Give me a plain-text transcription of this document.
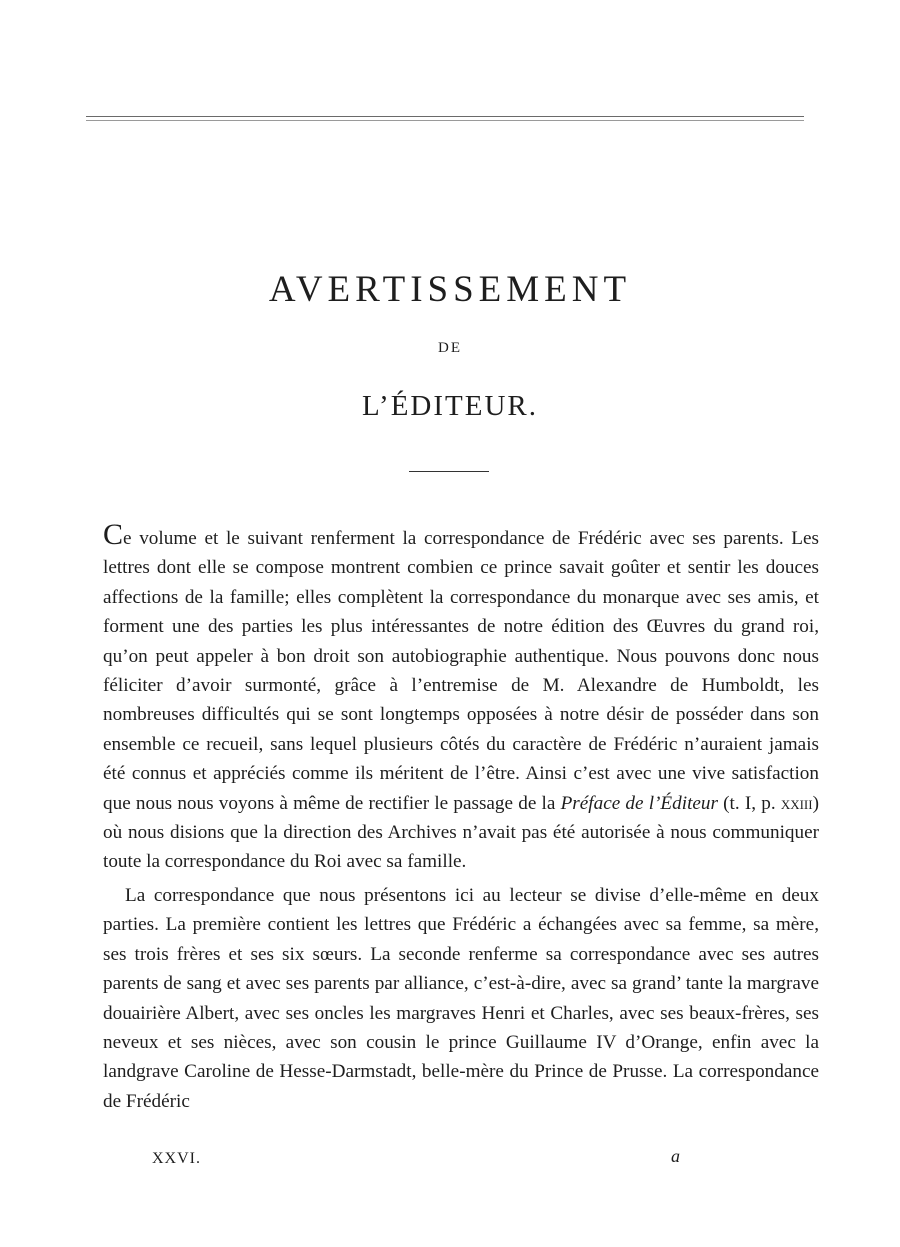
AVERTISSEMENT
DE
L’ÉDITEUR.

Ce volume et le suivant renferment la correspondance de Frédéric avec ses parents. Les lettres dont elle se compose montrent combien ce prince savait goûter et sentir les douces affections de la famille; elles complètent la correspondance du monarque avec ses amis, et forment une des parties les plus intéressantes de notre édition des Œuvres du grand roi, qu’on peut appeler à bon droit son autobiographie authentique. Nous pouvons donc nous féliciter d’avoir surmonté, grâce à l’entremise de M. Alexandre de Humboldt, les nombreuses difficultés qui se sont longtemps opposées à notre désir de posséder dans son ensemble ce recueil, sans lequel plusieurs côtés du caractère de Frédéric n’auraient jamais été connus et appréciés comme ils méritent de l’être. Ainsi c’est avec une vive satisfaction que nous nous voyons à même de rectifier le passage de la Préface de l’Éditeur (t. I, p. xxiii) où nous disions que la direction des Archives n’avait pas été autorisée à nous communiquer toute la correspondance du Roi avec sa famille.

La correspondance que nous présentons ici au lecteur se divise d’elle-même en deux parties. La première contient les lettres que Frédéric a échangées avec sa femme, sa mère, ses trois frères et ses six sœurs. La seconde renferme sa correspondance avec ses autres parents de sang et avec ses parents par alliance, c’est-à-dire, avec sa grand’ tante la margrave douairière Albert, avec ses oncles les margraves Henri et Charles, avec ses beaux-frères, ses neveux et ses nièces, avec son cousin le prince Guillaume IV d’Orange, enfin avec la landgrave Caroline de Hesse-Darmstadt, belle-mère du Prince de Prusse. La correspondance de Frédéric

XXVI.	a
